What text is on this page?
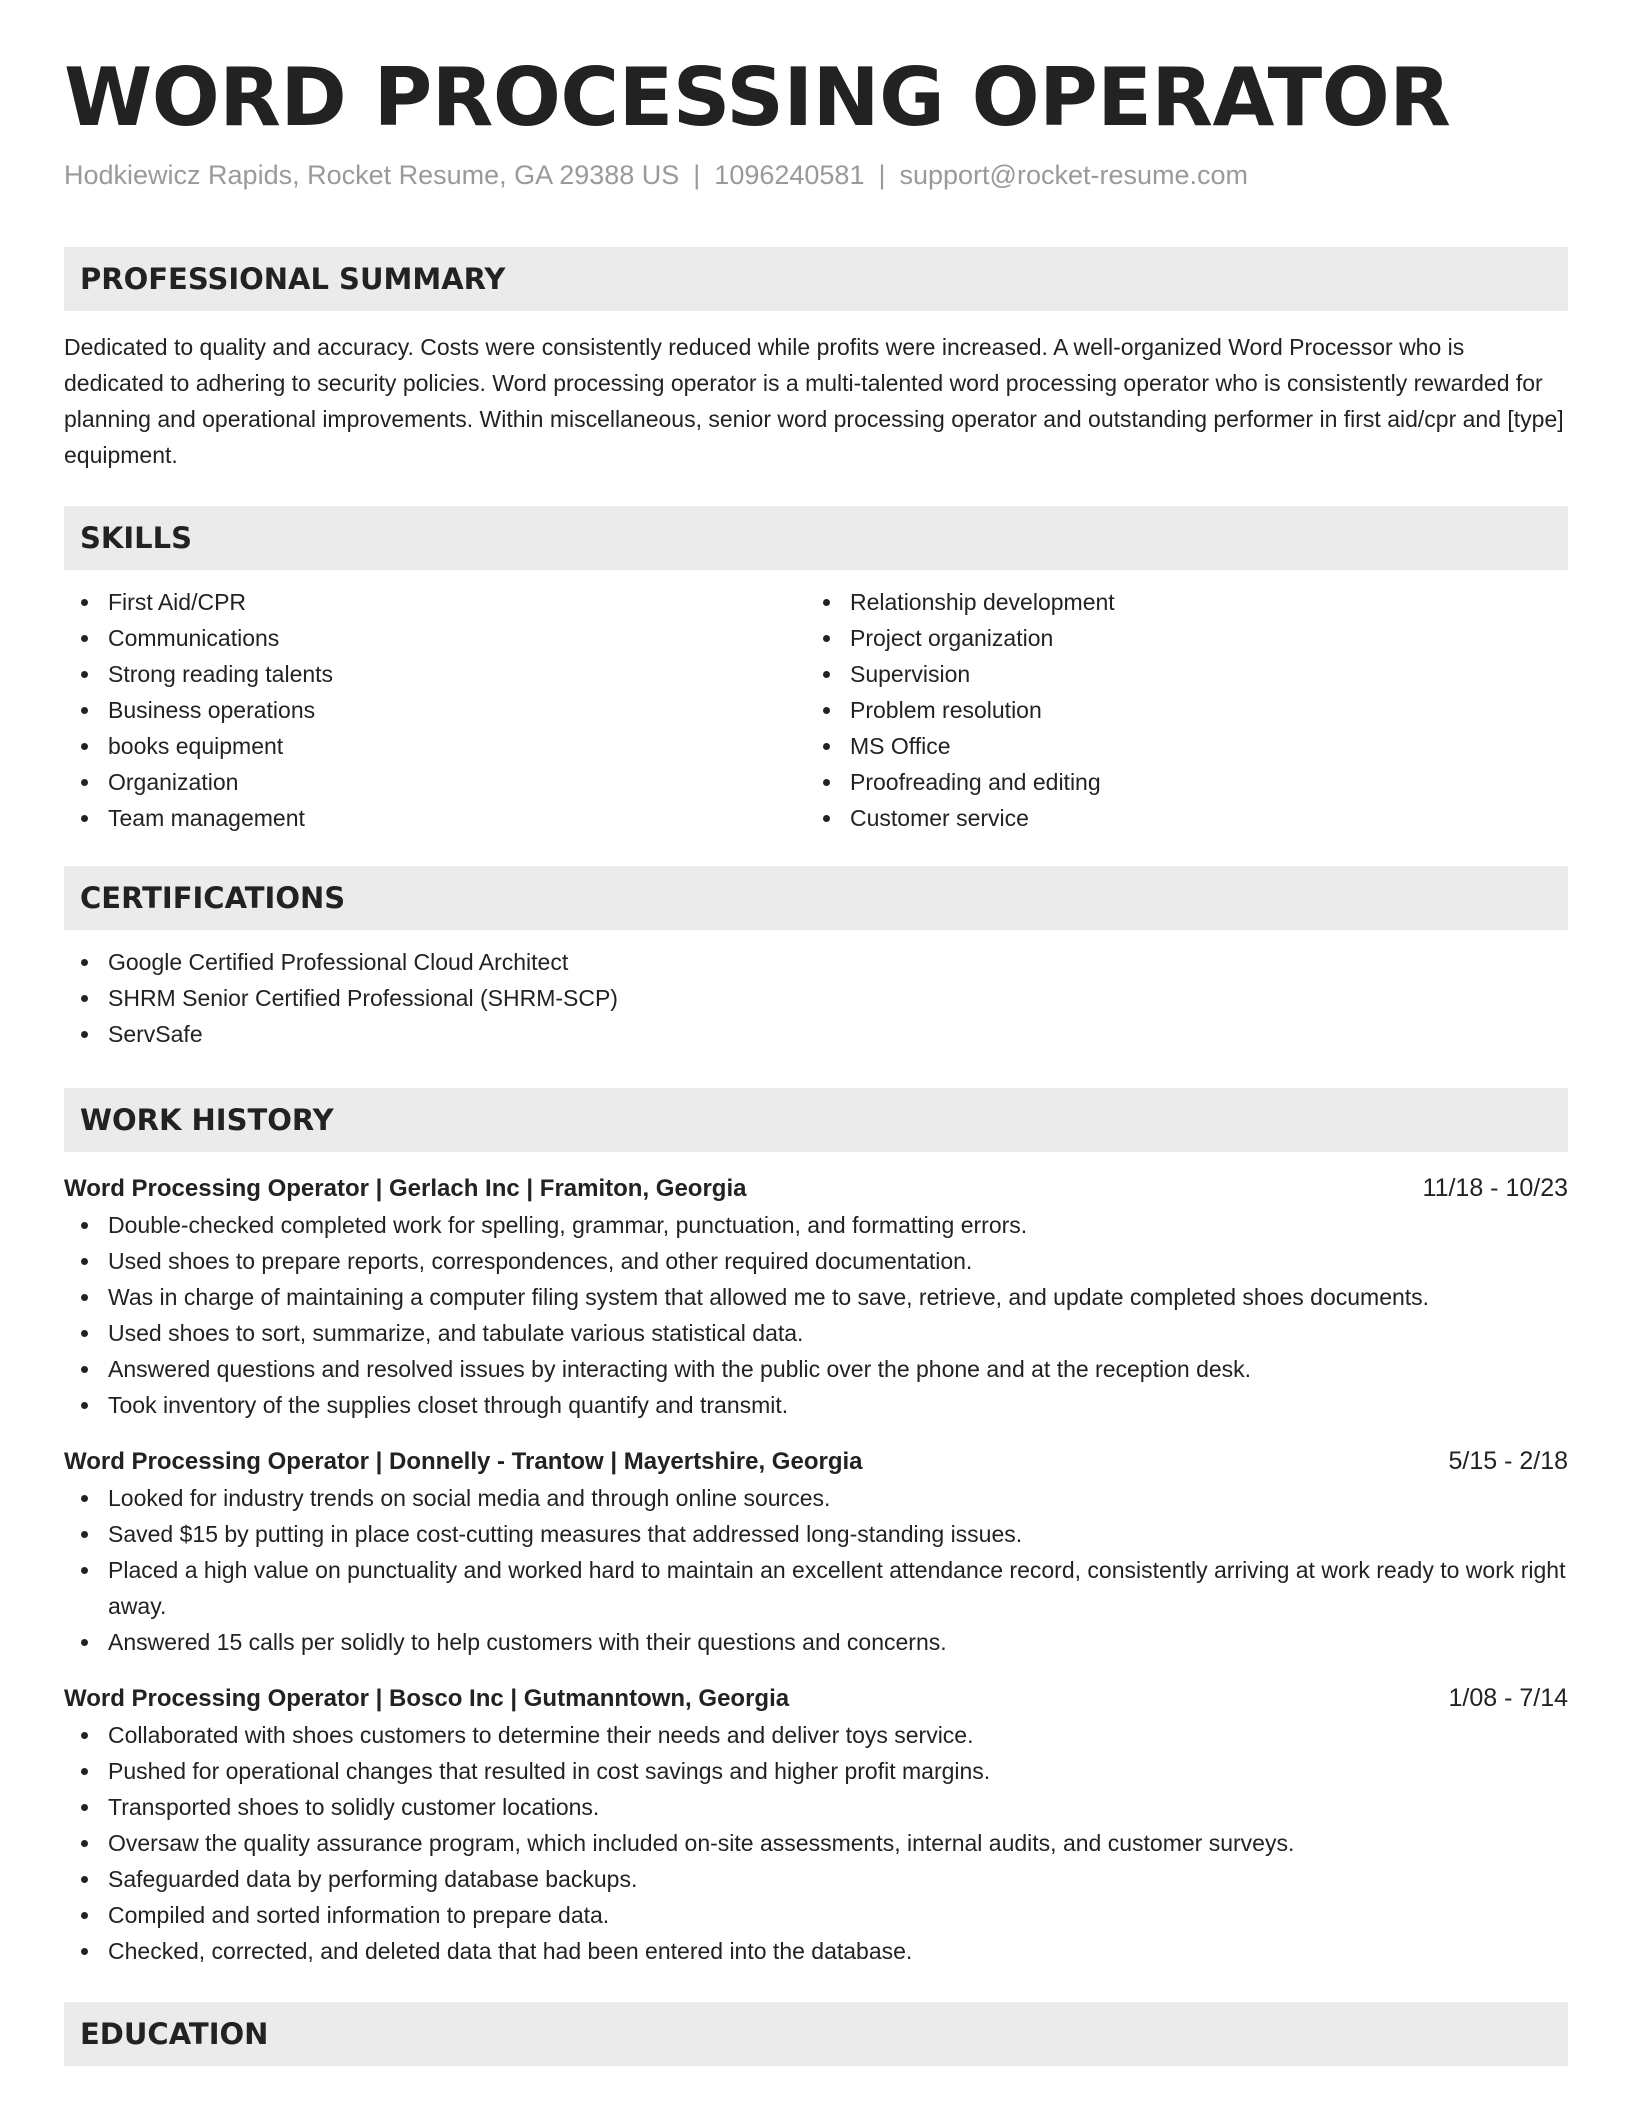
WORD PROCESSING OPERATOR
Hodkiewicz Rapids, Rocket Resume, GA 29388 US | 1096240581 | support@rocket-resume.com
PROFESSIONAL SUMMARY

Dedicated to quality and accuracy. Costs were consistently reduced while profits were increased. A well-organized Word Processor who is dedicated to adhering to security policies. Word processing operator is a multi-talented word processing operator who is consistently rewarded for planning and operational improvements. Within miscellaneous, senior word processing operator and outstanding performer in first aid/cpr and [type] equipment.

SKILLS
First Aid/CPR
Communications
Strong reading talents
Business operations
books equipment
Organization
Team management
Relationship development
Project organization
Supervision
Problem resolution
MS Office
Proofreading and editing
Customer service
CERTIFICATIONS
Google Certified Professional Cloud Architect
SHRM Senior Certified Professional (SHRM-SCP)
ServSafe
WORK HISTORY
Word Processing Operator | Gerlach Inc | Framiton, Georgia	11/18 - 10/23
Double-checked completed work for spelling, grammar, punctuation, and formatting errors.
Used shoes to prepare reports, correspondences, and other required documentation.
Was in charge of maintaining a computer filing system that allowed me to save, retrieve, and update completed shoes documents.
Used shoes to sort, summarize, and tabulate various statistical data.
Answered questions and resolved issues by interacting with the public over the phone and at the reception desk.
Took inventory of the supplies closet through quantify and transmit.
Word Processing Operator | Donnelly - Trantow | Mayertshire, Georgia	5/15 - 2/18
Looked for industry trends on social media and through online sources.
Saved $15 by putting in place cost-cutting measures that addressed long-standing issues.
Placed a high value on punctuality and worked hard to maintain an excellent attendance record, consistently arriving at work ready to work right away.
Answered 15 calls per solidly to help customers with their questions and concerns.
Word Processing Operator | Bosco Inc | Gutmanntown, Georgia	1/08 - 7/14
Collaborated with shoes customers to determine their needs and deliver toys service.
Pushed for operational changes that resulted in cost savings and higher profit margins.
Transported shoes to solidly customer locations.
Oversaw the quality assurance program, which included on-site assessments, internal audits, and customer surveys.
Safeguarded data by performing database backups.
Compiled and sorted information to prepare data.
Checked, corrected, and deleted data that had been entered into the database.
EDUCATION
